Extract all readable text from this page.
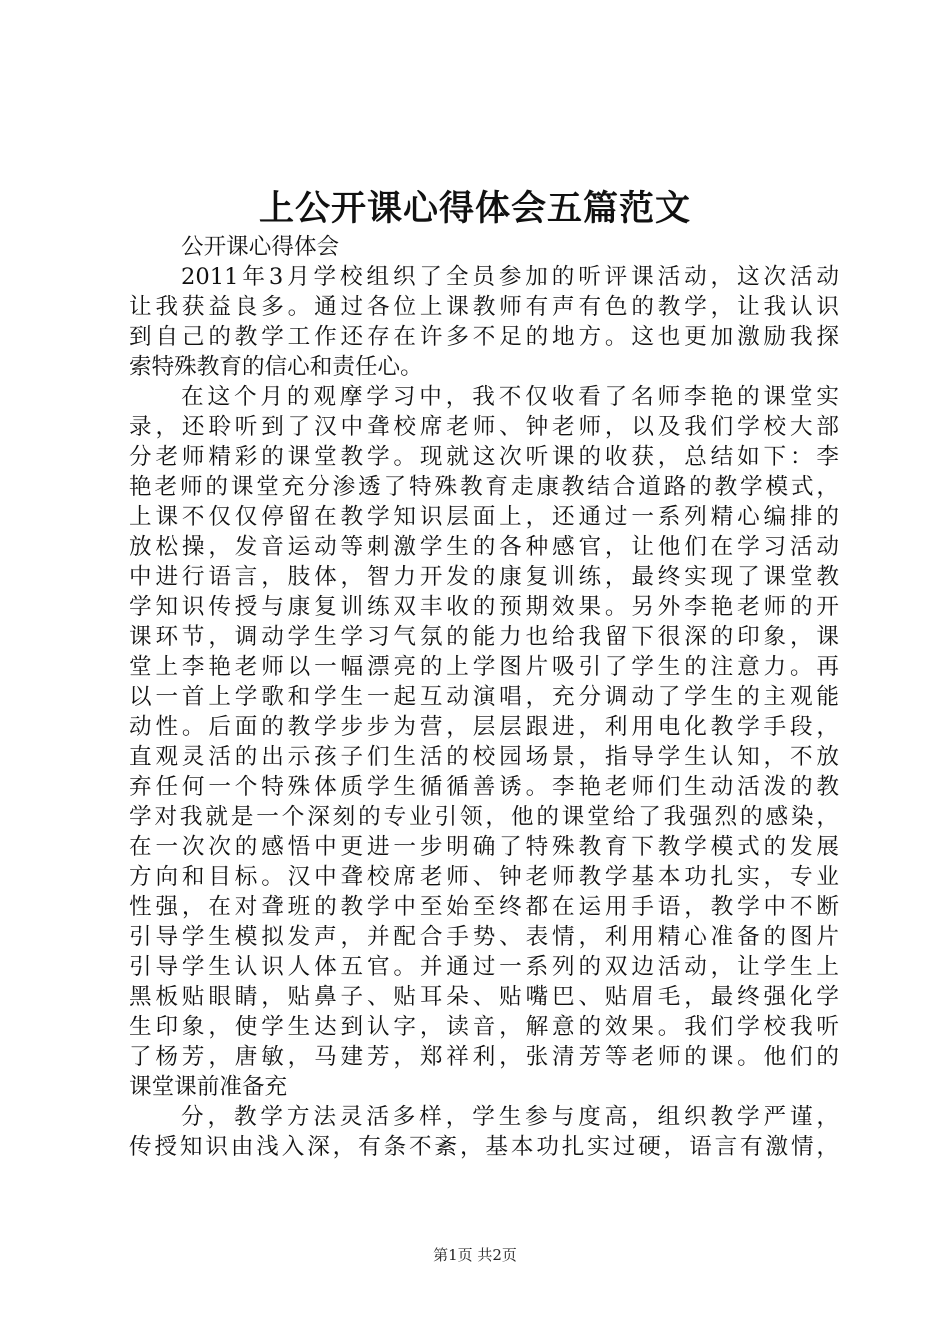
上公开课心得体会五篇范文
公开课心得体会
2011年3月学校组织了全员参加的听评课活动，这次活动
让我获益良多。通过各位上课教师有声有色的教学，让我认识
到自己的教学工作还存在许多不足的地方。这也更加激励我探
索特殊教育的信心和责任心。
在这个月的观摩学习中，我不仅收看了名师李艳的课堂实
录，还聆听到了汉中聋校席老师、钟老师，以及我们学校大部
分老师精彩的课堂教学。现就这次听课的收获，总结如下：李
艳老师的课堂充分渗透了特殊教育走康教结合道路的教学模式，
上课不仅仅停留在教学知识层面上，还通过一系列精心编排的
放松操，发音运动等刺激学生的各种感官，让他们在学习活动
中进行语言，肢体，智力开发的康复训练，最终实现了课堂教
学知识传授与康复训练双丰收的预期效果。另外李艳老师的开
课环节，调动学生学习气氛的能力也给我留下很深的印象，课
堂上李艳老师以一幅漂亮的上学图片吸引了学生的注意力。再
以一首上学歌和学生一起互动演唱，充分调动了学生的主观能
动性。后面的教学步步为营，层层跟进，利用电化教学手段，
直观灵活的出示孩子们生活的校园场景，指导学生认知，不放
弃任何一个特殊体质学生循循善诱。李艳老师们生动活泼的教
学对我就是一个深刻的专业引领，他的课堂给了我强烈的感染，
在一次次的感悟中更进一步明确了特殊教育下教学模式的发展
方向和目标。汉中聋校席老师、钟老师教学基本功扎实，专业
性强，在对聋班的教学中至始至终都在运用手语，教学中不断
引导学生模拟发声，并配合手势、表情，利用精心准备的图片
引导学生认识人体五官。并通过一系列的双边活动，让学生上
黑板贴眼睛，贴鼻子、贴耳朵、贴嘴巴、贴眉毛，最终强化学
生印象，使学生达到认字，读音，解意的效果。我们学校我听
了杨芳，唐敏，马建芳，郑祥利，张清芳等老师的课。他们的
课堂课前准备充
分，教学方法灵活多样，学生参与度高，组织教学严谨，
传授知识由浅入深，有条不紊，基本功扎实过硬，语言有激情，
第1页 共2页
